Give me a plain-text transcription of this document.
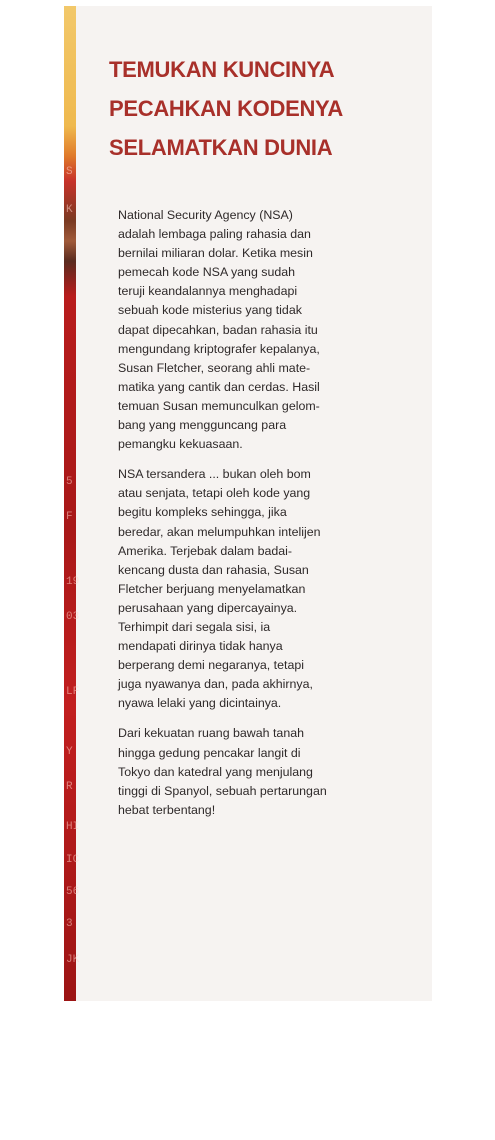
S
K
5
F
19
03
LF
Y
R
HI
IC
56
3
JK
TEMUKAN KUNCINYA
PECAHKAN KODENYA
SELAMATKAN DUNIA

National Security Agency (NSA)
adalah lembaga paling rahasia dan
bernilai miliaran dolar. Ketika mesin
pemecah kode NSA yang sudah
teruji keandalannya menghadapi
sebuah kode misterius yang tidak
dapat dipecahkan, badan rahasia itu
mengundang kriptografer kepalanya,
Susan Fletcher, seorang ahli mate-
matika yang cantik dan cerdas. Hasil
temuan Susan memunculkan gelom-
bang yang mengguncang para
pemangku kekuasaan.

NSA tersandera ... bukan oleh bom
atau senjata, tetapi oleh kode yang
begitu kompleks sehingga, jika
beredar, akan melumpuhkan intelijen
Amerika. Terjebak dalam badai-
kencang dusta dan rahasia, Susan
Fletcher berjuang menyelamatkan
perusahaan yang dipercayainya.
Terhimpit dari segala sisi, ia
mendapati dirinya tidak hanya
berperang demi negaranya, tetapi
juga nyawanya dan, pada akhirnya,
nyawa lelaki yang dicintainya.

Dari kekuatan ruang bawah tanah
hingga gedung pencakar langit di
Tokyo dan katedral yang menjulang
tinggi di Spanyol, sebuah pertarungan
hebat terbentang!
